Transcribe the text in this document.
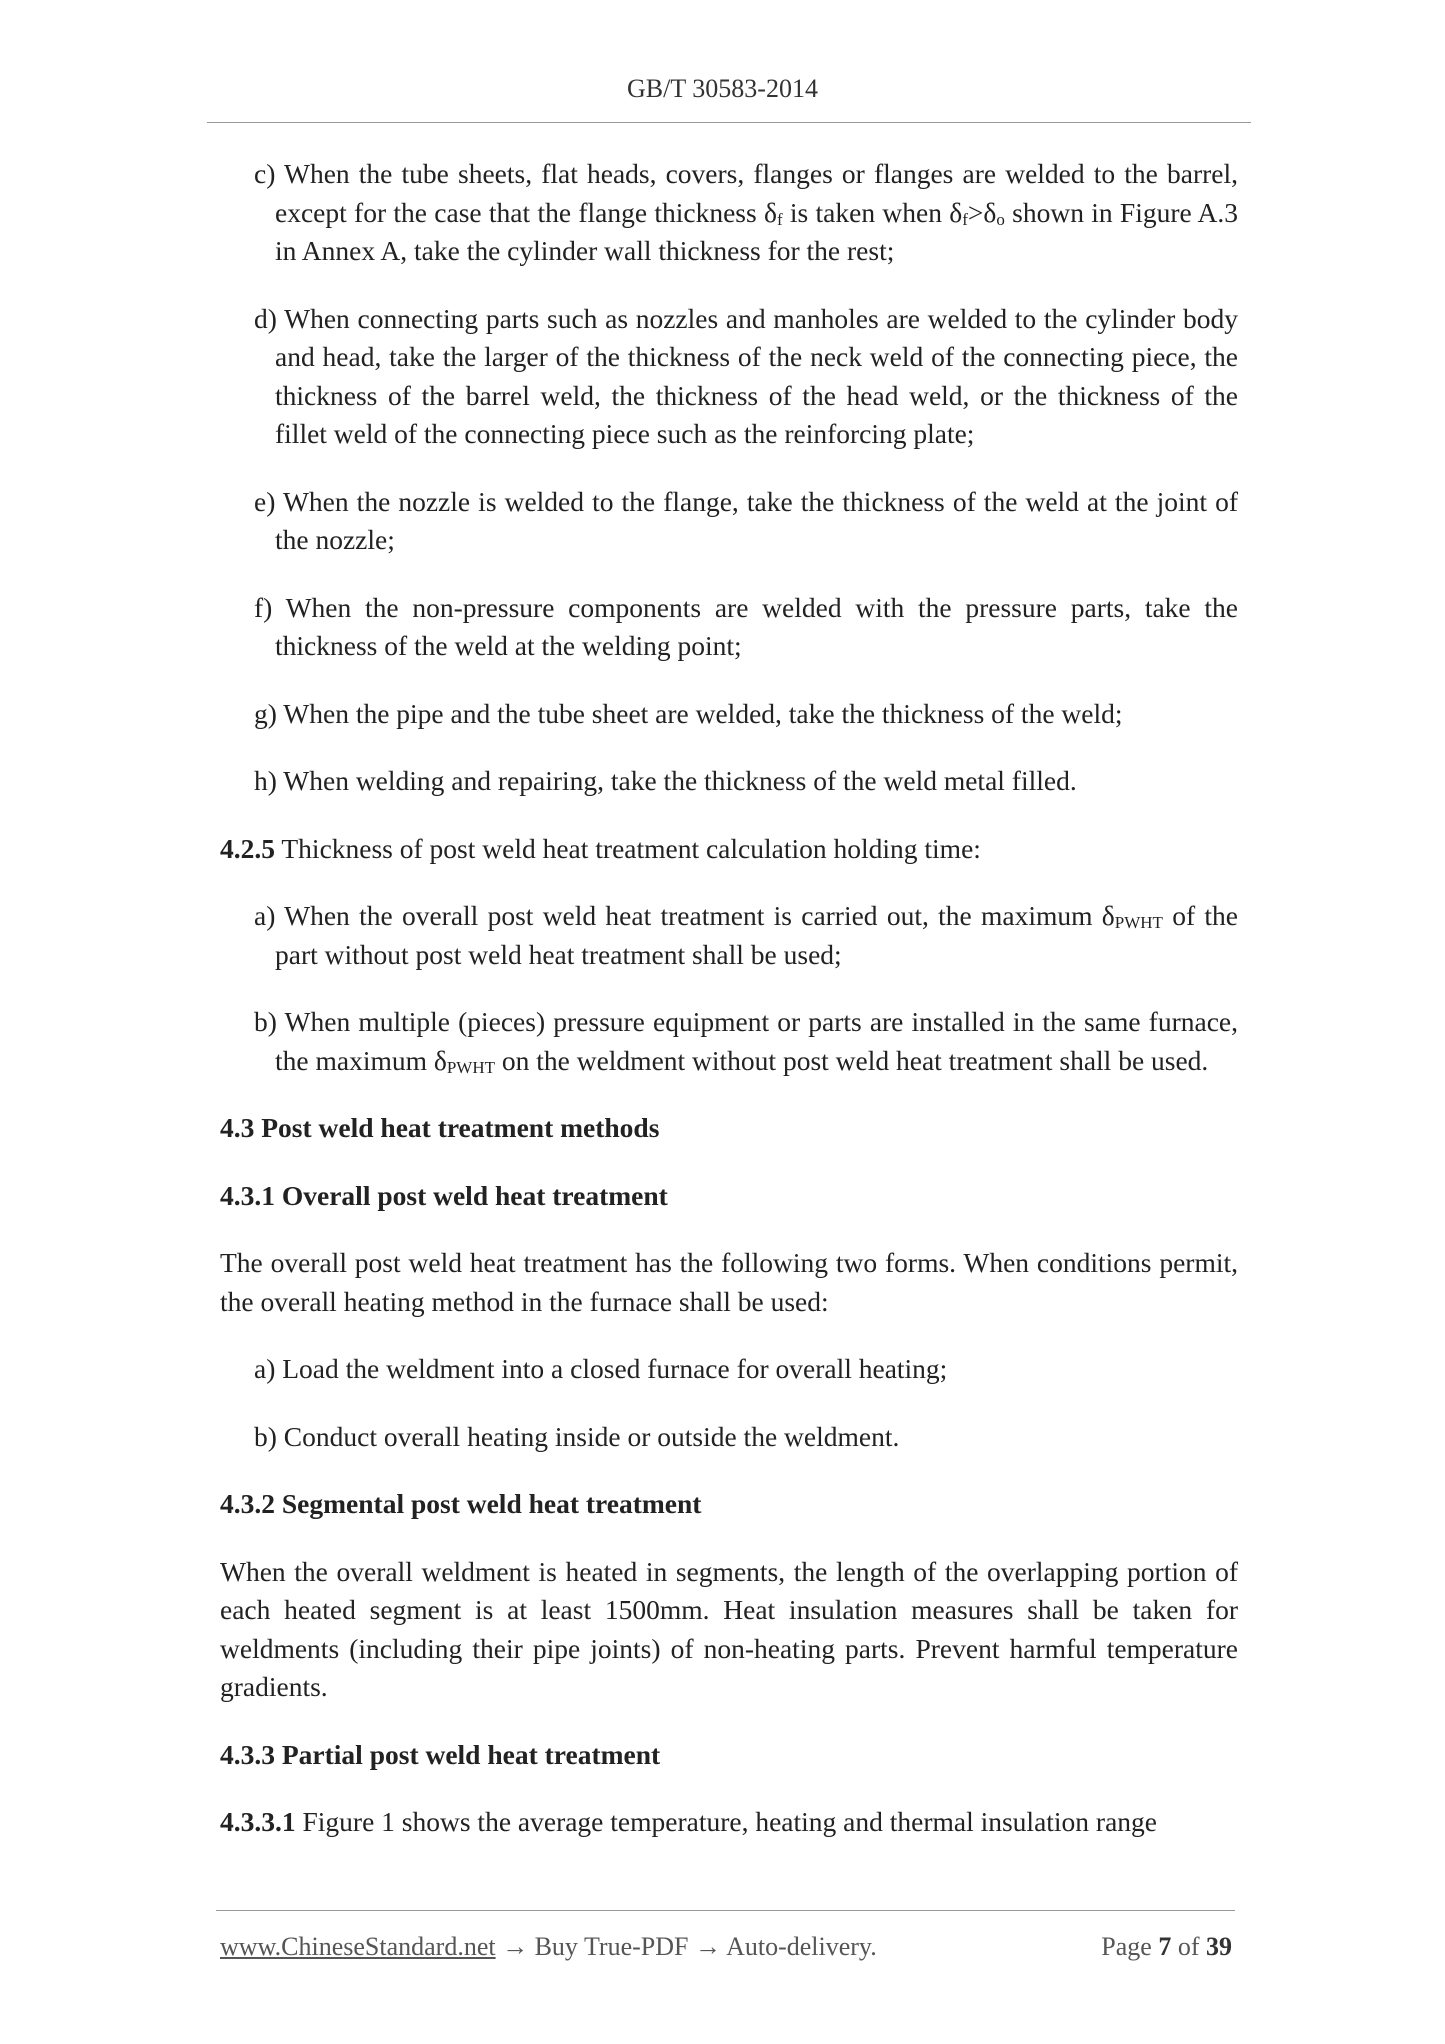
GB/T 30583-2014
c) When the tube sheets, flat heads, covers, flanges or flanges are welded to the barrel, except for the case that the flange thickness $\delta_f$ is taken when $\delta_f>\delta_o$ shown in Figure A.3 in Annex A, take the cylinder wall thickness for the rest;
d) When connecting parts such as nozzles and manholes are welded to the cylinder body and head, take the larger of the thickness of the neck weld of the connecting piece, the thickness of the barrel weld, the thickness of the head weld, or the thickness of the fillet weld of the connecting piece such as the reinforcing plate;
e) When the nozzle is welded to the flange, take the thickness of the weld at the joint of the nozzle;
f) When the non-pressure components are welded with the pressure parts, take the thickness of the weld at the welding point;
g) When the pipe and the tube sheet are welded, take the thickness of the weld;
h) When welding and repairing, take the thickness of the weld metal filled.
4.2.5 Thickness of post weld heat treatment calculation holding time:
a) When the overall post weld heat treatment is carried out, the maximum $\delta_{PWHT}$ of the part without post weld heat treatment shall be used;
b) When multiple (pieces) pressure equipment or parts are installed in the same furnace, the maximum $\delta_{PWHT}$ on the weldment without post weld heat treatment shall be used.
4.3 Post weld heat treatment methods
4.3.1 Overall post weld heat treatment
The overall post weld heat treatment has the following two forms. When conditions permit, the overall heating method in the furnace shall be used:
a) Load the weldment into a closed furnace for overall heating;
b) Conduct overall heating inside or outside the weldment.
4.3.2 Segmental post weld heat treatment
When the overall weldment is heated in segments, the length of the overlapping portion of each heated segment is at least 1500mm. Heat insulation measures shall be taken for weldments (including their pipe joints) of non-heating parts. Prevent harmful temperature gradients.
4.3.3 Partial post weld heat treatment
4.3.3.1 Figure 1 shows the average temperature, heating and thermal insulation range
www.ChineseStandard.net → Buy True-PDF → Auto-delivery.	Page 7 of 39
